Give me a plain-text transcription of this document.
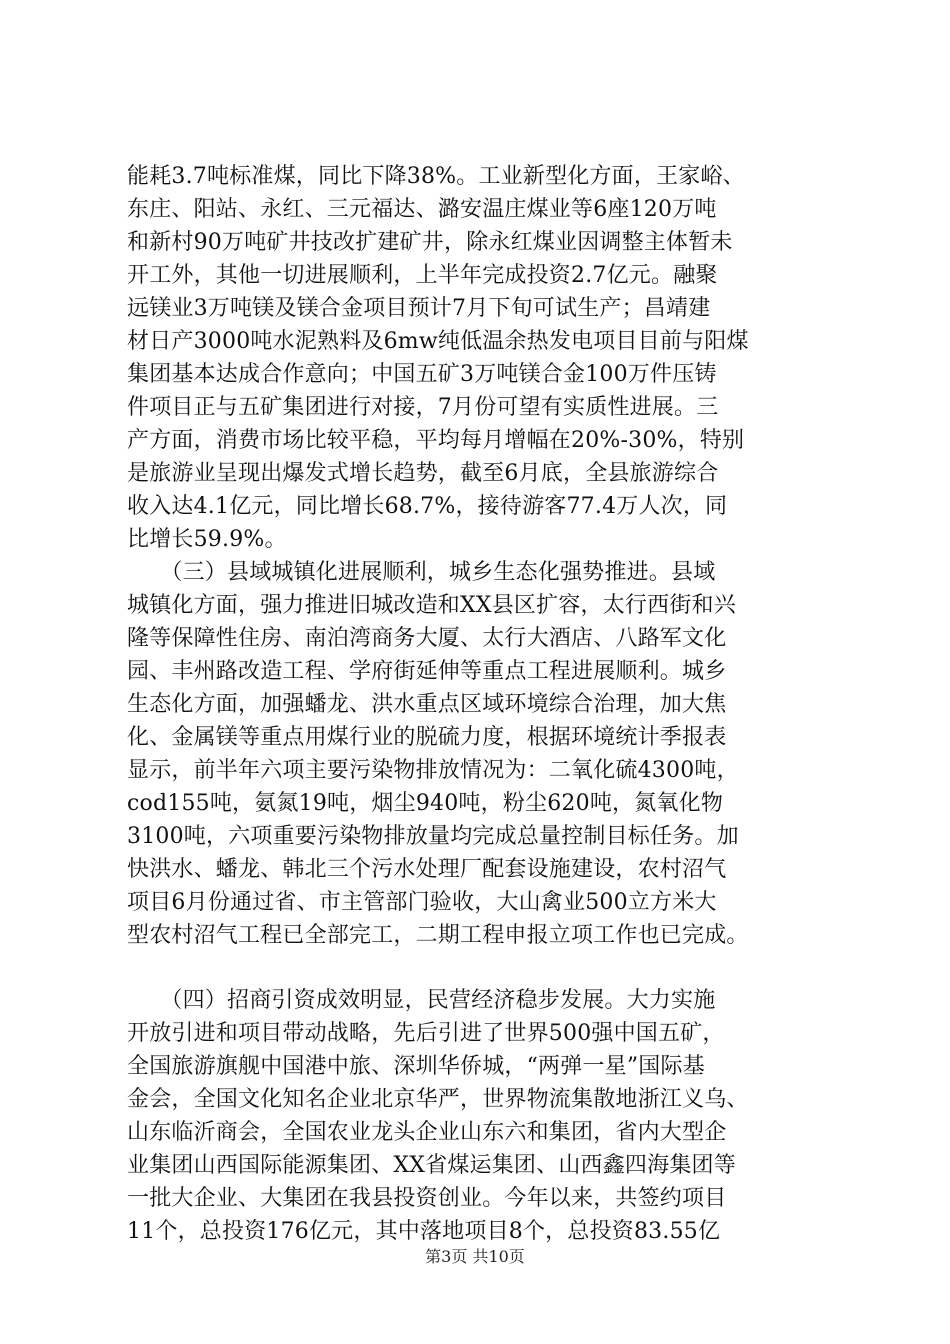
能耗3.7吨标准煤，同比下降38%。工业新型化方面，王家峪、
东庄、阳站、永红、三元福达、潞安温庄煤业等6座120万吨
和新村90万吨矿井技改扩建矿井，除永红煤业因调整主体暂未
开工外，其他一切进展顺利，上半年完成投资2.7亿元。融聚
远镁业3万吨镁及镁合金项目预计7月下旬可试生产；昌靖建
材日产3000吨水泥熟料及6mw纯低温余热发电项目目前与阳煤
集团基本达成合作意向；中国五矿3万吨镁合金100万件压铸
件项目正与五矿集团进行对接，7月份可望有实质性进展。三
产方面，消费市场比较平稳，平均每月增幅在20%-30%，特别
是旅游业呈现出爆发式增长趋势，截至6月底，全县旅游综合
收入达4.1亿元，同比增长68.7%，接待游客77.4万人次，同
比增长59.9%。
　　（三）县域城镇化进展顺利，城乡生态化强势推进。县域
城镇化方面，强力推进旧城改造和XX县区扩容，太行西街和兴
隆等保障性住房、南泊湾商务大厦、太行大酒店、八路军文化
园、丰州路改造工程、学府街延伸等重点工程进展顺利。城乡
生态化方面，加强蟠龙、洪水重点区域环境综合治理，加大焦
化、金属镁等重点用煤行业的脱硫力度，根据环境统计季报表
显示，前半年六项主要污染物排放情况为：二氧化硫4300吨，
cod155吨，氨氮19吨，烟尘940吨，粉尘620吨，氮氧化物
3100吨，六项重要污染物排放量均完成总量控制目标任务。加
快洪水、蟠龙、韩北三个污水处理厂配套设施建设，农村沼气
项目6月份通过省、市主管部门验收，大山禽业500立方米大
型农村沼气工程已全部完工，二期工程申报立项工作也已完成。
　　（四）招商引资成效明显，民营经济稳步发展。大力实施
开放引进和项目带动战略，先后引进了世界500强中国五矿，
全国旅游旗舰中国港中旅、深圳华侨城，“两弹一星”国际基
金会，全国文化知名企业北京华严，世界物流集散地浙江义乌、
山东临沂商会，全国农业龙头企业山东六和集团，省内大型企
业集团山西国际能源集团、XX省煤运集团、山西鑫四海集团等
一批大企业、大集团在我县投资创业。今年以来，共签约项目
11个，总投资176亿元，其中落地项目8个，总投资83.55亿
第3页 共10页
